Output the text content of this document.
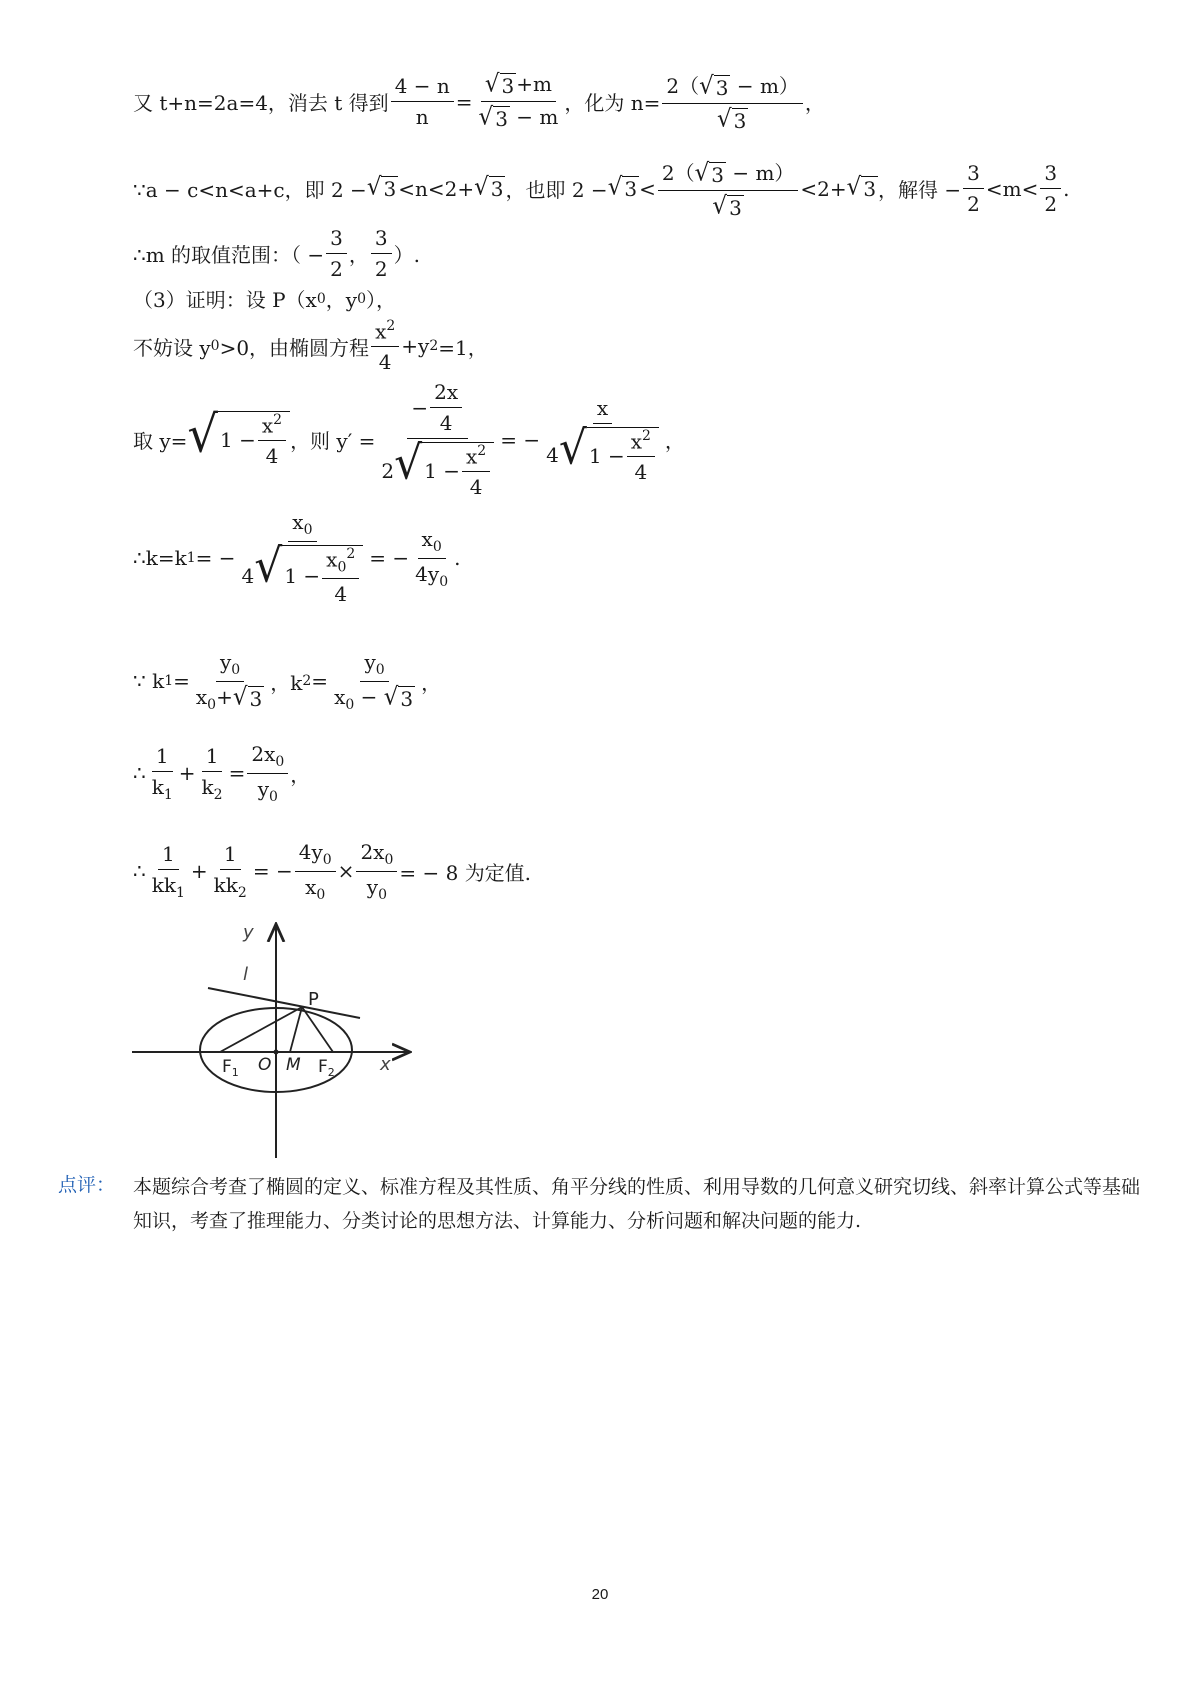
又 t+n=2a=4，消去 t 得到 $\frac{4 - n}{n} = \frac{√ 3 +m}{√ 3 - m}$ ，化为 $n= \frac{2( √ 3 - m)}{√ 3}$ ，
∵a − c<n<a+c，即 2 − √ 3 <n<2+ √ 3 ，也即 2 − √ $3 < \frac{2( √ 3 - m)}{√ 3} <2+$ √ 3 ，解得 − $\frac{3}{2} <m< \frac{3}{2}$ .
∴m 的取值范围：（ − $\frac{3}{2}$ ， $\frac{3}{2}$ ）.
（3）证明：设 P（x 0 ，y 0 ），
不妨设 y 0 >0，由椭圆方程 $\frac{x^2}{4} +y$ 2 =1，
取 y= √ $1 - \frac{x^2}{4}$ ，则 $y' = \frac{- \frac{2x}{4}}{2 √ 1 - \frac{x^2}{4}}$ = − $\frac{x}{4 √ 1 - \frac{x^2}{4}}$ ，
∴k=k 1 = − $\frac{x_0}{4 √ 1 - \frac{x_0^2}{4}}$ = − $\frac{x_0}{4y_0}$ .
∵ k $1 = \frac{y_0}{x_0+ √ 3}$ ，k $2 = \frac{y_0}{x_0 - √ 3}$ ，
∴ $\frac{1}{k_1} + \frac{1}{k_2} = \frac{2x_0}{y_0}$ ，
∴ $\frac{1}{kk_1} + \frac{1}{kk_2}$ = − $\frac{4y_0}{x_0} \times \frac{2x_0}{y_0}$ = − 8 为定值.
y
x
l
P
$F_1$ O M $F_2$
点评： 本题综合考查了椭圆的定义、标准方程及其性质、角平分线的性质、利用导数的几何意义研究切线、斜率计算公式等基础知识，考查了推理能力、分类讨论的思想方法、计算能力、分析问题和解决问题的能力.
20
